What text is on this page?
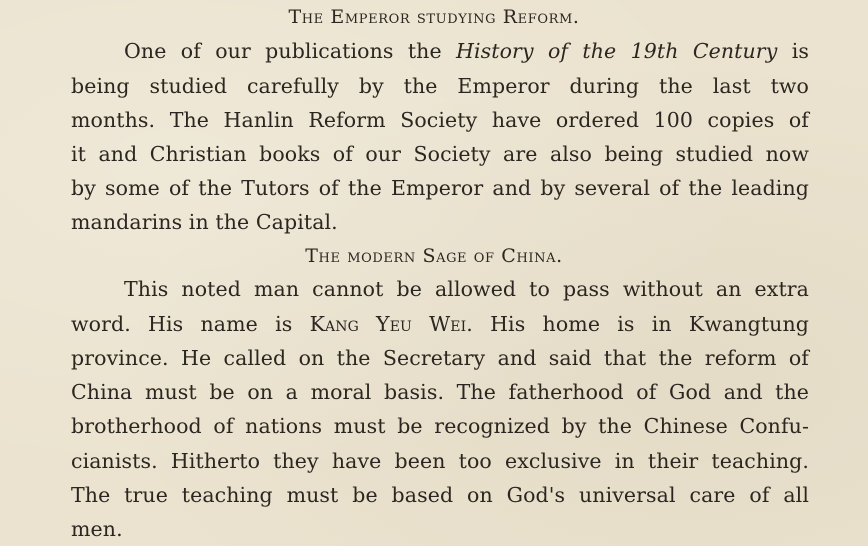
The Emperor studying Reform.
One of our publications the History of the 19th Century is
being studied carefully by the Emperor during the last two
months. The Hanlin Reform Society have ordered 100 copies of
it and Christian books of our Society are also being studied now
by some of the Tutors of the Emperor and by several of the leading
mandarins in the Capital.
The modern Sage of China.
This noted man cannot be allowed to pass without an extra
word. His name is Kang Yeu Wei. His home is in Kwangtung
province. He called on the Secretary and said that the reform of
China must be on a moral basis. The fatherhood of God and the
brotherhood of nations must be recognized by the Chinese Confu-
cianists. Hitherto they have been too exclusive in their teaching.
The true teaching must be based on God's universal care of all
men.
